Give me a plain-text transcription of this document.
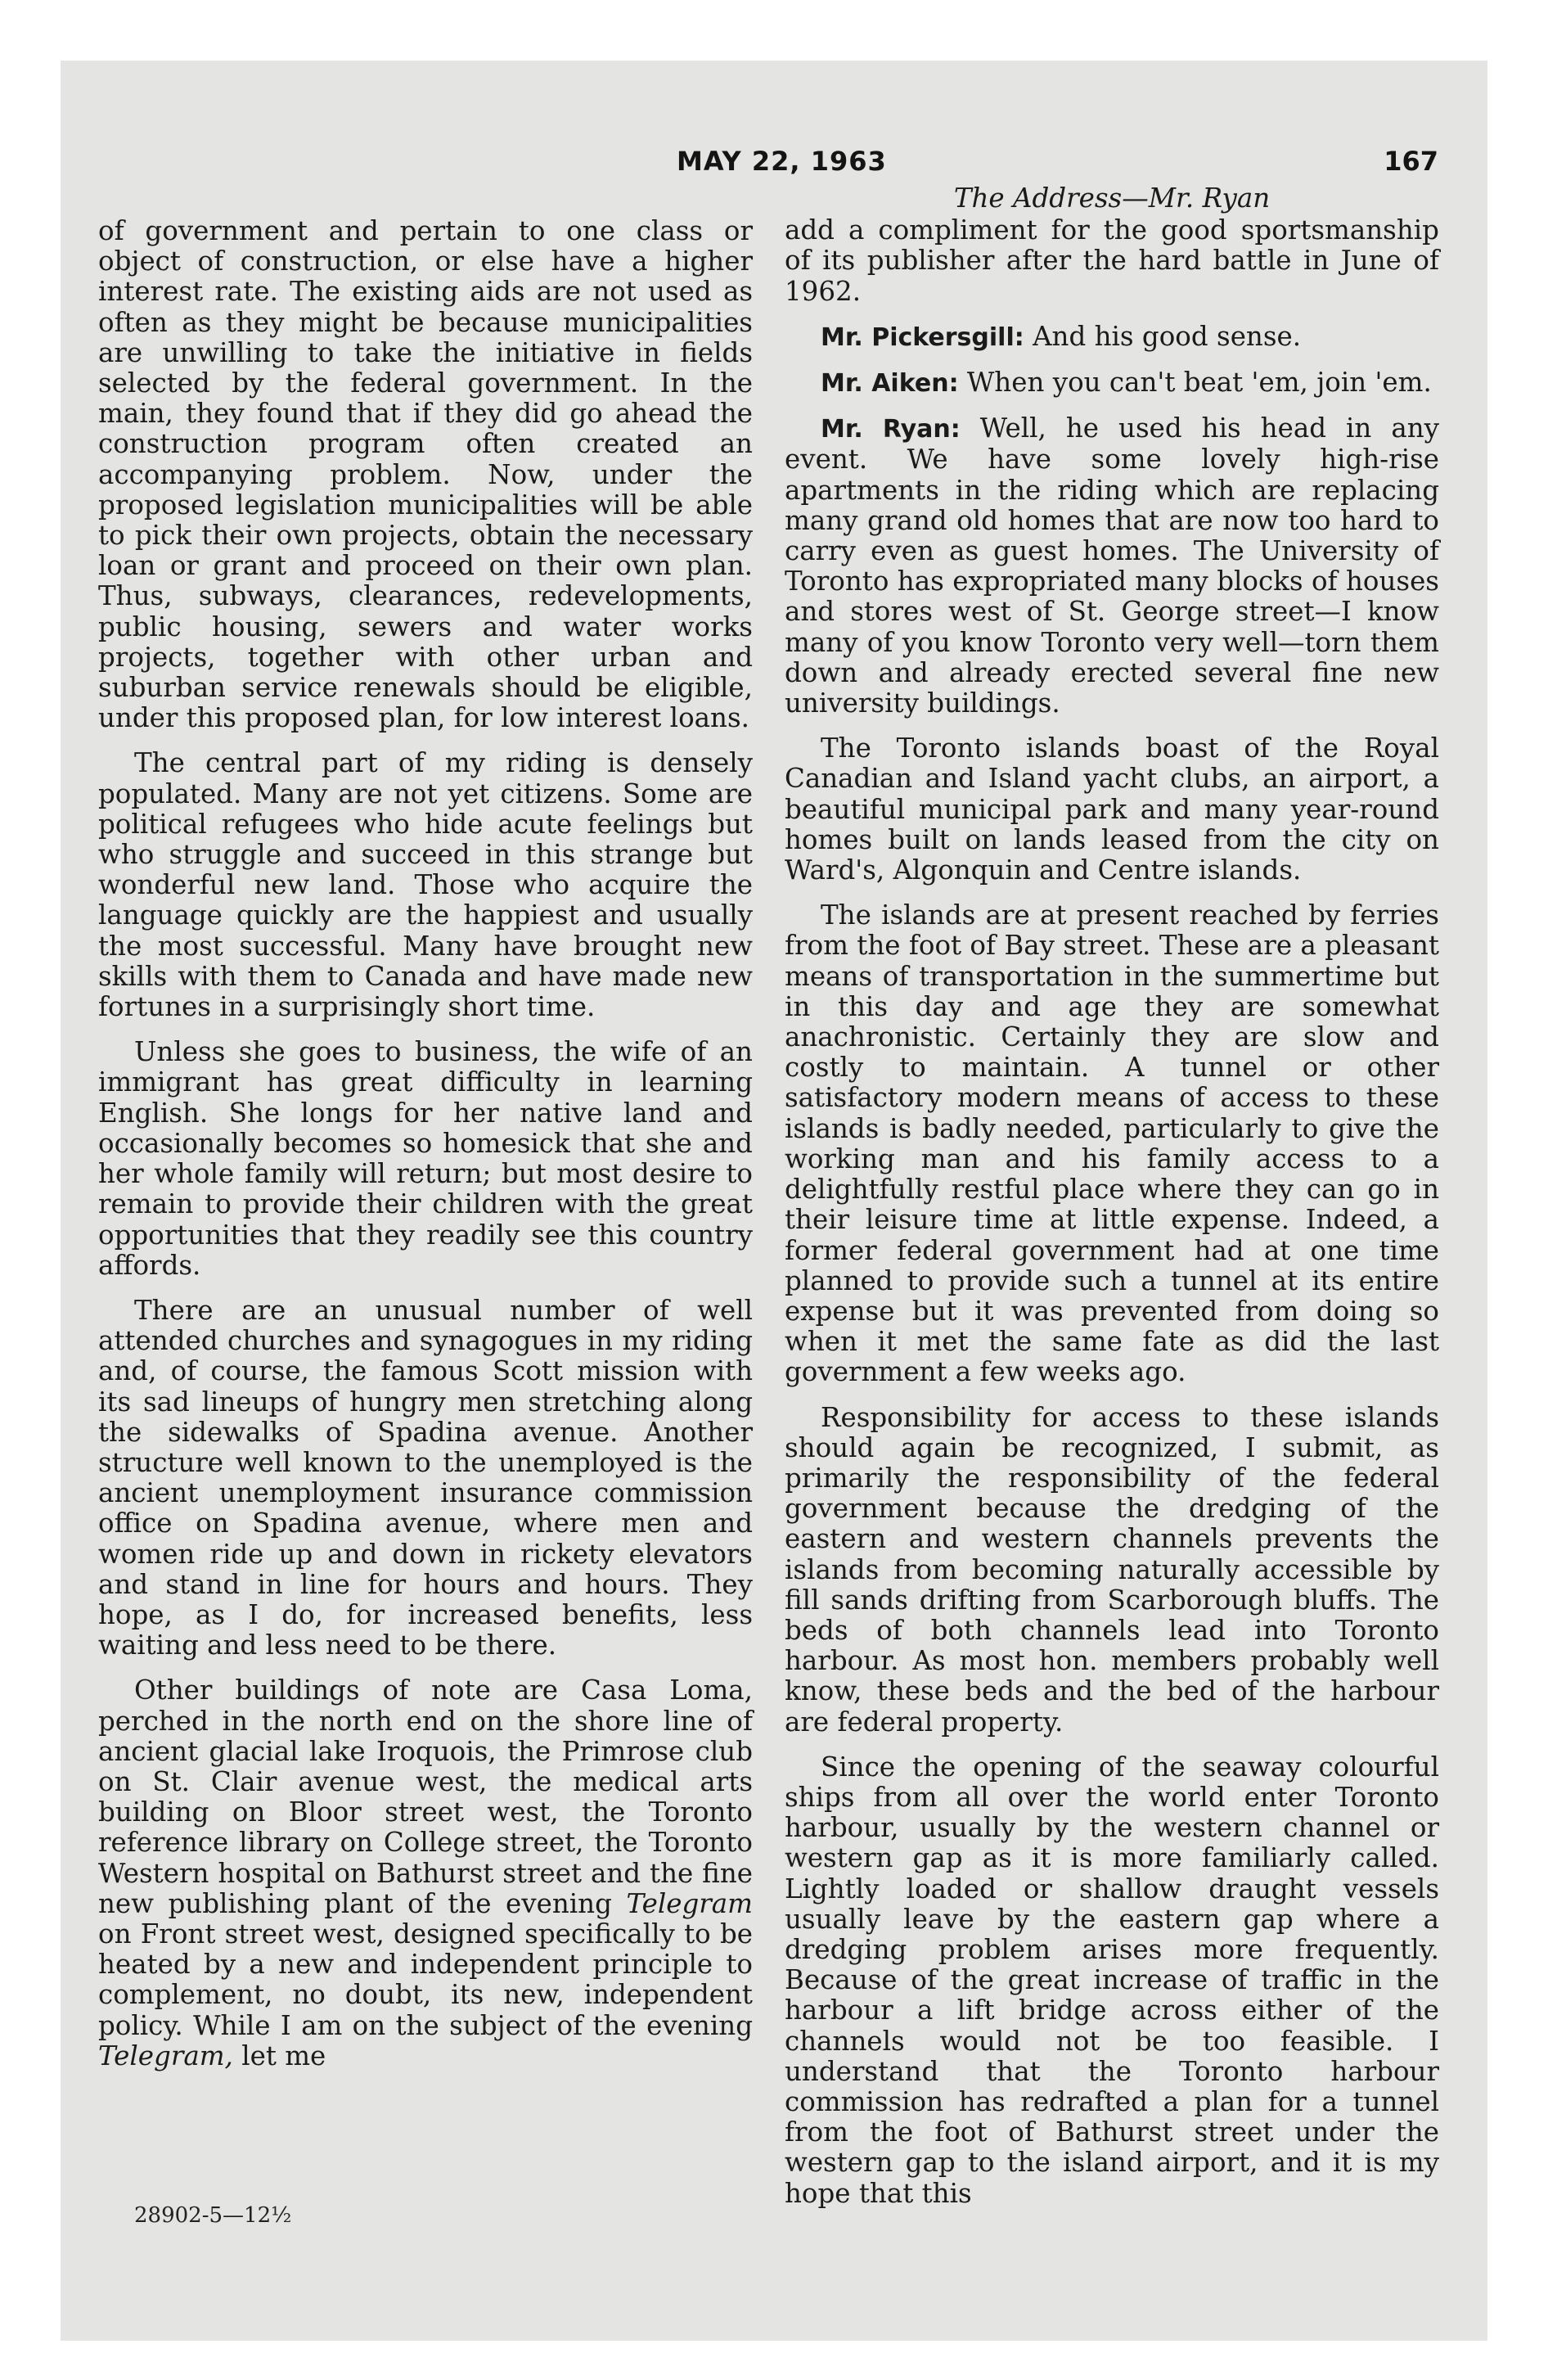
MAY 22, 1963	167

of government and pertain to one class or object of construction, or else have a higher interest rate. The existing aids are not used as often as they might be because municipalities are unwilling to take the initiative in fields selected by the federal government. In the main, they found that if they did go ahead the construction program often created an accompanying problem. Now, under the proposed legislation municipalities will be able to pick their own projects, obtain the necessary loan or grant and proceed on their own plan. Thus, subways, clearances, redevelopments, public housing, sewers and water works projects, together with other urban and suburban service renewals should be eligible, under this proposed plan, for low interest loans.

The central part of my riding is densely populated. Many are not yet citizens. Some are political refugees who hide acute feelings but who struggle and succeed in this strange but wonderful new land. Those who acquire the language quickly are the happiest and usually the most successful. Many have brought new skills with them to Canada and have made new fortunes in a surprisingly short time.

Unless she goes to business, the wife of an immigrant has great difficulty in learning English. She longs for her native land and occasionally becomes so homesick that she and her whole family will return; but most desire to remain to provide their children with the great opportunities that they readily see this country affords.

There are an unusual number of well attended churches and synagogues in my riding and, of course, the famous Scott mission with its sad lineups of hungry men stretching along the sidewalks of Spadina avenue. Another structure well known to the unemployed is the ancient unemployment insurance commission office on Spadina avenue, where men and women ride up and down in rickety elevators and stand in line for hours and hours. They hope, as I do, for increased benefits, less waiting and less need to be there.

Other buildings of note are Casa Loma, perched in the north end on the shore line of ancient glacial lake Iroquois, the Primrose club on St. Clair avenue west, the medical arts building on Bloor street west, the Toronto reference library on College street, the Toronto Western hospital on Bathurst street and the fine new publishing plant of the evening Telegram on Front street west, designed specifically to be heated by a new and independent principle to complement, no doubt, its new, independent policy. While I am on the subject of the evening Telegram, let me

28902-5—12½
The Address—Mr. Ryan

add a compliment for the good sportsmanship of its publisher after the hard battle in June of 1962.

Mr. Pickersgill: And his good sense.

Mr. Aiken: When you can't beat 'em, join 'em.

Mr. Ryan: Well, he used his head in any event. We have some lovely high-rise apartments in the riding which are replacing many grand old homes that are now too hard to carry even as guest homes. The University of Toronto has expropriated many blocks of houses and stores west of St. George street—I know many of you know Toronto very well—torn them down and already erected several fine new university buildings.

The Toronto islands boast of the Royal Canadian and Island yacht clubs, an airport, a beautiful municipal park and many year-round homes built on lands leased from the city on Ward's, Algonquin and Centre islands.

The islands are at present reached by ferries from the foot of Bay street. These are a pleasant means of transportation in the summertime but in this day and age they are somewhat anachronistic. Certainly they are slow and costly to maintain. A tunnel or other satisfactory modern means of access to these islands is badly needed, particularly to give the working man and his family access to a delightfully restful place where they can go in their leisure time at little expense. Indeed, a former federal government had at one time planned to provide such a tunnel at its entire expense but it was prevented from doing so when it met the same fate as did the last government a few weeks ago.

Responsibility for access to these islands should again be recognized, I submit, as primarily the responsibility of the federal government because the dredging of the eastern and western channels prevents the islands from becoming naturally accessible by fill sands drifting from Scarborough bluffs. The beds of both channels lead into Toronto harbour. As most hon. members probably well know, these beds and the bed of the harbour are federal property.

Since the opening of the seaway colourful ships from all over the world enter Toronto harbour, usually by the western channel or western gap as it is more familiarly called. Lightly loaded or shallow draught vessels usually leave by the eastern gap where a dredging problem arises more frequently. Because of the great increase of traffic in the harbour a lift bridge across either of the channels would not be too feasible. I understand that the Toronto harbour commission has redrafted a plan for a tunnel from the foot of Bathurst street under the western gap to the island airport, and it is my hope that this
